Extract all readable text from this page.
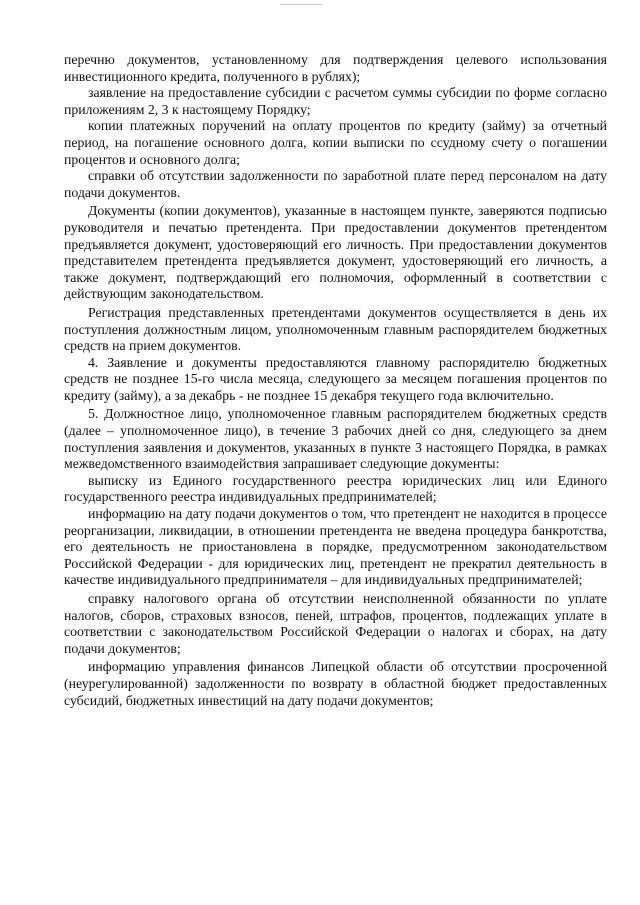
перечню документов, установленному для подтверждения целевого использования инвестиционного кредита, полученного в рублях);

заявление на предоставление субсидии с расчетом суммы субсидии по форме согласно приложениям 2, 3 к настоящему Порядку;

копии платежных поручений на оплату процентов по кредиту (займу) за отчетный период, на погашение основного долга, копии выписки по ссудному счету о погашении процентов и основного долга;

справки об отсутствии задолженности по заработной плате перед персоналом на дату подачи документов.

Документы (копии документов), указанные в настоящем пункте, заверяются подписью руководителя и печатью претендента. При предоставлении документов претендентом предъявляется документ, удостоверяющий его личность. При предоставлении документов представителем претендента предъявляется документ, удостоверяющий его личность, а также документ, подтверждающий его полномочия, оформленный в соответствии с действующим законодательством.

Регистрация представленных претендентами документов осуществляется в день их поступления должностным лицом, уполномоченным главным распорядителем бюджетных средств на прием документов.

4. Заявление и документы предоставляются главному распорядителю бюджетных средств не позднее 15-го числа месяца, следующего за месяцем погашения процентов по кредиту (займу), а за декабрь - не позднее 15 декабря текущего года включительно.

5. Должностное лицо, уполномоченное главным распорядителем бюджетных средств (далее – уполномоченное лицо), в течение 3 рабочих дней со дня, следующего за днем поступления заявления и документов, указанных в пункте 3 настоящего Порядка, в рамках межведомственного взаимодействия запрашивает следующие документы:

выписку из Единого государственного реестра юридических лиц или Единого государственного реестра индивидуальных предпринимателей;

информацию на дату подачи документов о том, что претендент не находится в процессе реорганизации, ликвидации, в отношении претендента не введена процедура банкротства, его деятельность не приостановлена в порядке, предусмотренном законодательством Российской Федерации - для юридических лиц, претендент не прекратил деятельность в качестве индивидуального предпринимателя – для индивидуальных предпринимателей;

справку налогового органа об отсутствии неисполненной обязанности по уплате налогов, сборов, страховых взносов, пеней, штрафов, процентов, подлежащих уплате в соответствии с законодательством Российской Федерации о налогах и сборах, на дату подачи документов;

информацию управления финансов Липецкой области об отсутствии просроченной (неурегулированной) задолженности по возврату в областной бюджет предоставленных субсидий, бюджетных инвестиций на дату подачи документов;
